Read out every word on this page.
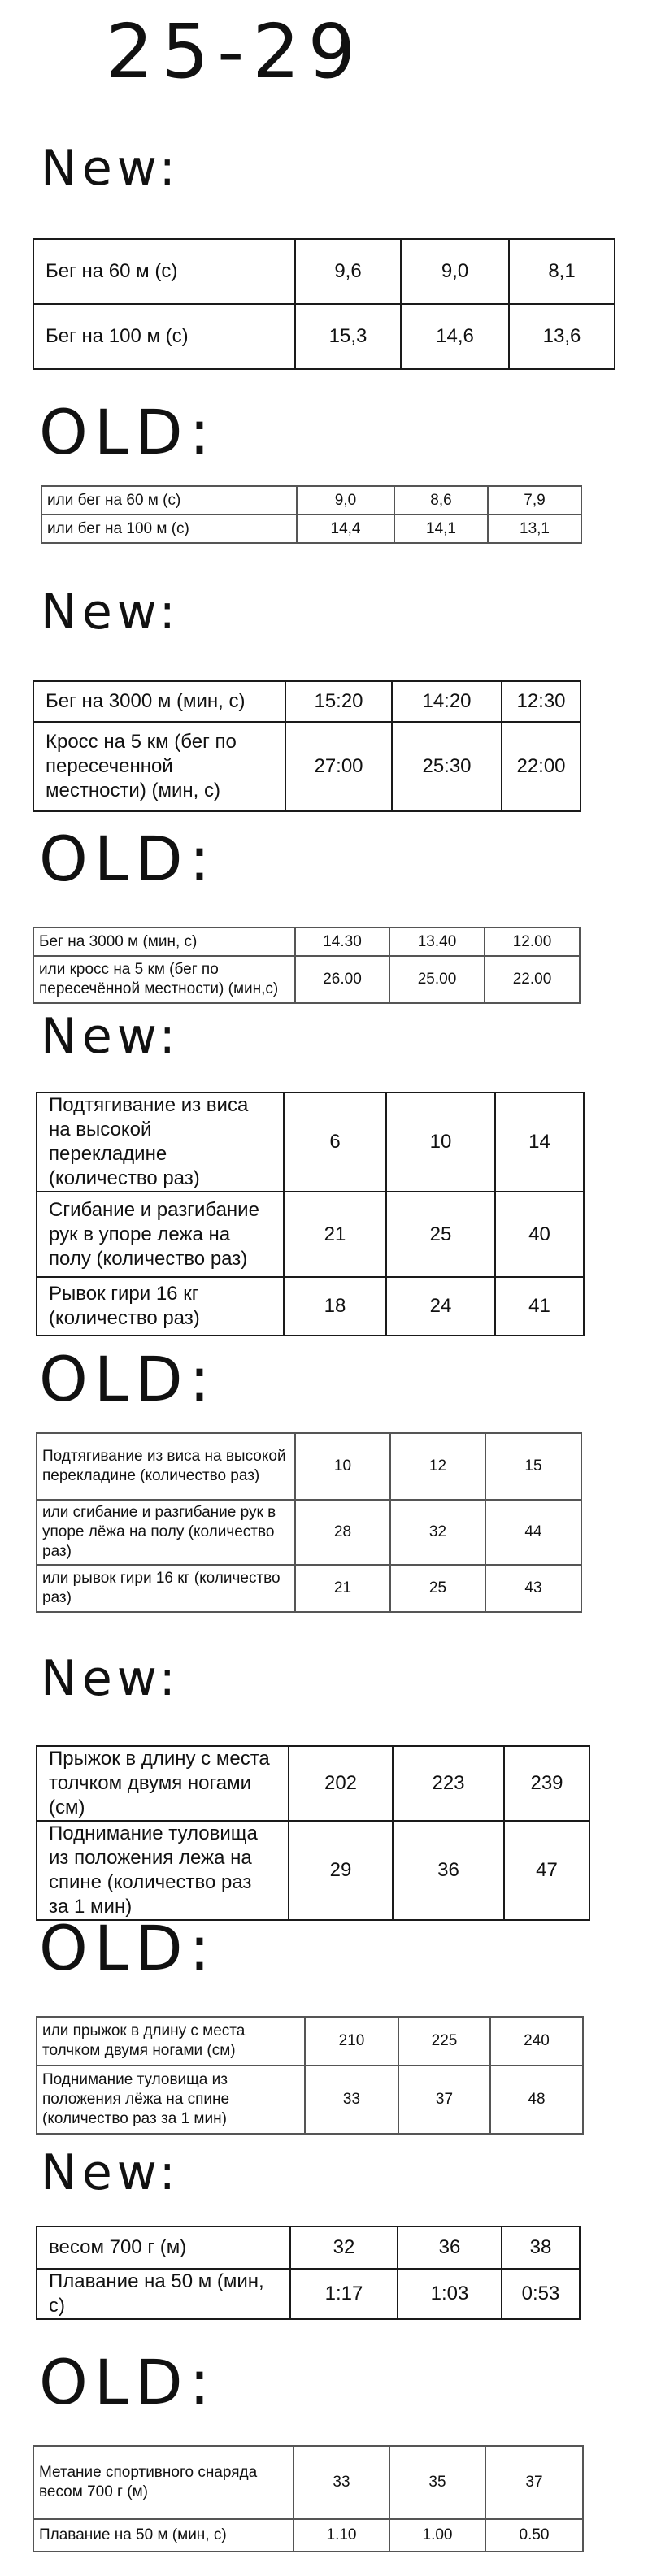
25-29
New:
Бег на 60 м (с)	9,6	9,0	8,1
Бег на 100 м (с)	15,3	14,6	13,6
OLD:
или бег на 60 м (с)	9,0	8,6	7,9
или бег на 100 м (с)	14,4	14,1	13,1
New:
Бег на 3000 м (мин, с)	15:20	14:20	12:30
Кросс на 5 км (бег по пересеченной местности) (мин, с)	27:00	25:30	22:00
OLD:
Бег на 3000 м (мин, с)	14.30	13.40	12.00
или кросс на 5 км (бег по пересечённой местности) (мин,с)	26.00	25.00	22.00
New:
Подтягивание из виса на высокой перекладине (количество раз)	6	10	14
Сгибание и разгибание рук в упоре лежа на полу (количество раз)	21	25	40
Рывок гири 16 кг (количество раз)	18	24	41
OLD:
Подтягивание из виса на высокой перекладине (количество раз)	10	12	15
или сгибание и разгибание рук в упоре лёжа на полу (количество раз)	28	32	44
или рывок гири 16 кг (количество раз)	21	25	43
New:
Прыжок в длину с места толчком двумя ногами (см)	202	223	239
Поднимание туловища из положения лежа на спине (количество раз за 1 мин)	29	36	47
OLD:
или прыжок в длину с места толчком двумя ногами (см)	210	225	240
Поднимание туловища из положения лёжа на спине (количество раз за 1 мин)	33	37	48
New:
весом 700 г (м)	32	36	38
Плавание на 50 м (мин, с)	1:17	1:03	0:53
OLD:
Метание спортивного снаряда весом 700 г (м)	33	35	37
Плавание на 50 м (мин, с)	1.10	1.00	0.50
